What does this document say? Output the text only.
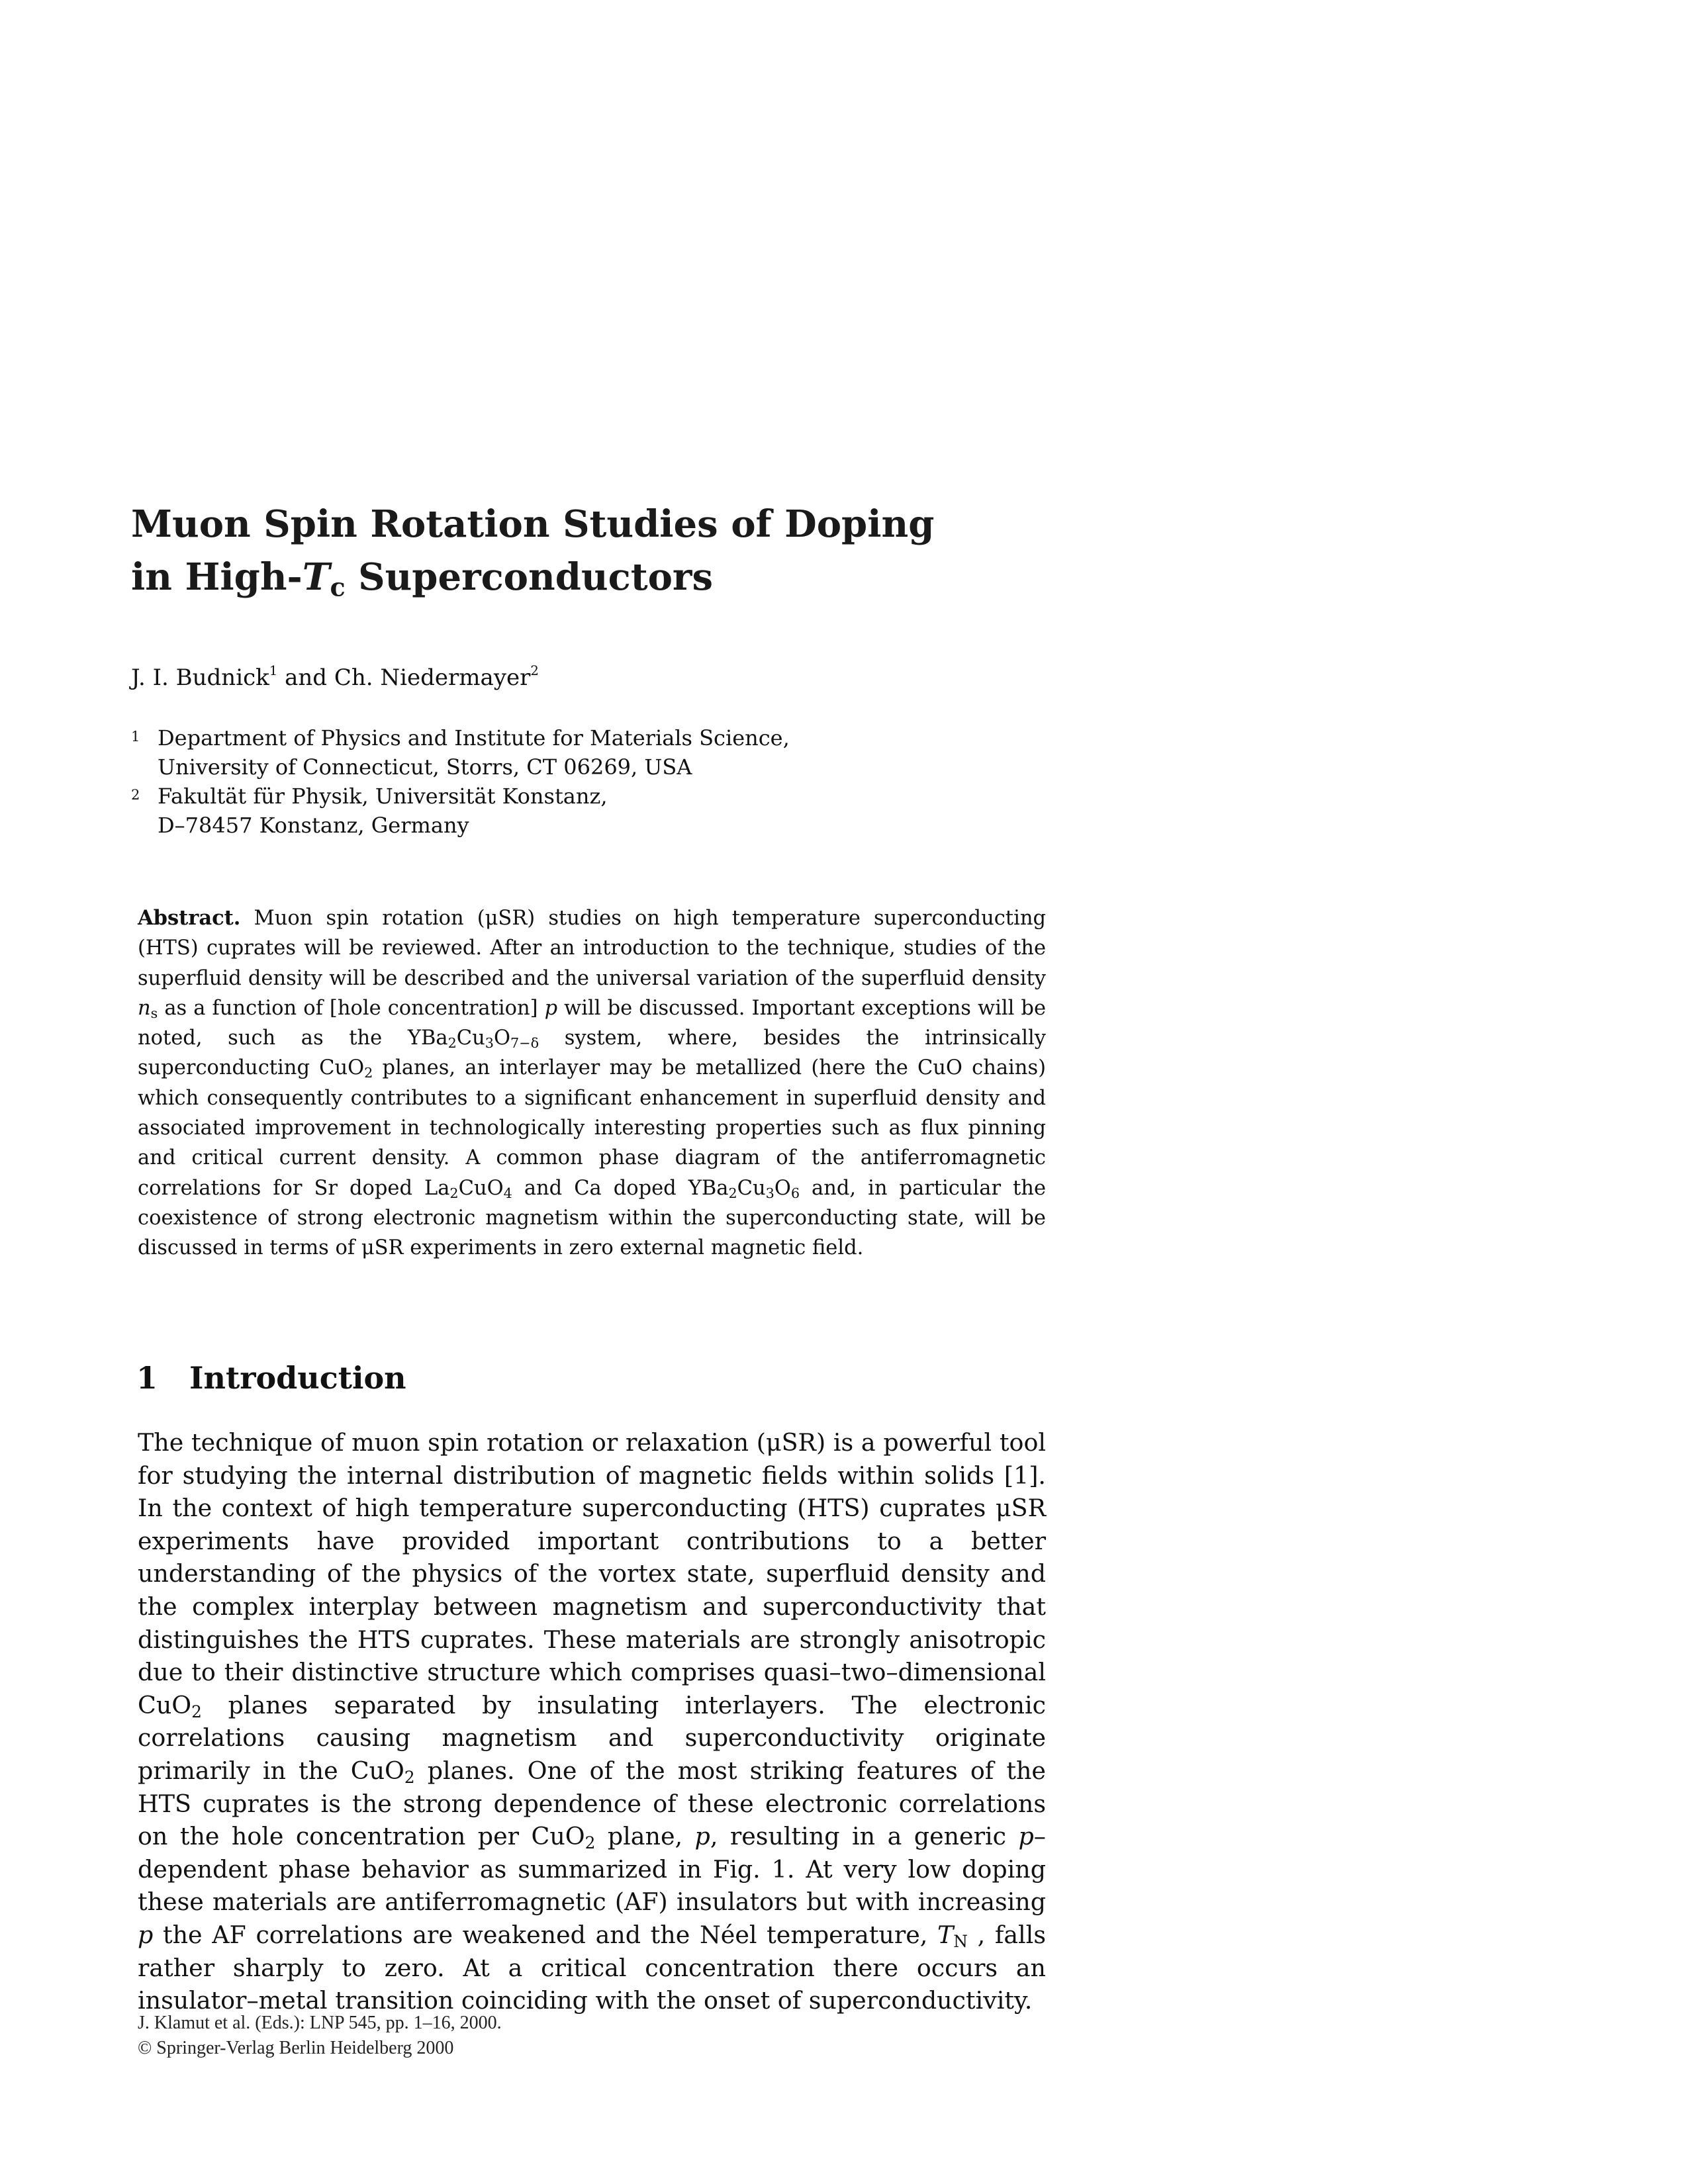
Muon Spin Rotation Studies of Doping
in High-$T_c$ Superconductors
J. I. Budnick$^1$ and Ch. Niedermayer$^2$
1 Department of Physics and Institute for Materials Science,
University of Connecticut, Storrs, CT 06269, USA
2 Fakultät für Physik, Universität Konstanz,
D–78457 Konstanz, Germany

Abstract. Muon spin rotation (μSR) studies on high temperature superconducting (HTS) cuprates will be reviewed. After an introduction to the technique, studies of the superfluid density will be described and the universal variation of the superfluid density $n_s$ as a function of [hole concentration] p will be discussed. Important exceptions will be noted, such as the $YBa_2Cu_3O_{7-\delta}$ system, where, besides the intrinsically superconducting CuO$_2$ planes, an interlayer may be metallized (here the CuO chains) which consequently contributes to a significant enhancement in superfluid density and associated improvement in technologically interesting properties such as flux pinning and critical current density. A common phase diagram of the antiferromagnetic correlations for Sr doped $La_2CuO_4$ and Ca doped $YBa_2Cu_3O_6$ and, in particular the coexistence of strong electronic magnetism within the superconducting state, will be discussed in terms of μSR experiments in zero external magnetic field.

1 Introduction

The technique of muon spin rotation or relaxation (μSR) is a powerful tool for studying the internal distribution of magnetic fields within solids [1]. In the context of high temperature superconducting (HTS) cuprates μSR experiments have provided important contributions to a better understanding of the physics of the vortex state, superfluid density and the complex interplay between magnetism and superconductivity that distinguishes the HTS cuprates. These materials are strongly anisotropic due to their distinctive structure which comprises quasi–two–dimensional CuO$_2$ planes separated by insulating interlayers. The electronic correlations causing magnetism and superconductivity originate primarily in the CuO$_2$ planes. One of the most striking features of the HTS cuprates is the strong dependence of these electronic correlations on the hole concentration per CuO$_2$ plane, p, resulting in a generic p–dependent phase behavior as summarized in Fig. 1. At very low doping these materials are antiferromagnetic (AF) insulators but with increasing p the AF correlations are weakened and the Néel temperature, $T_N$ , falls rather sharply to zero. At a critical concentration there occurs an insulator–metal transition coinciding with the onset of superconductivity.

J. Klamut et al. (Eds.): LNP 545, pp. 1–16, 2000.
© Springer-Verlag Berlin Heidelberg 2000
